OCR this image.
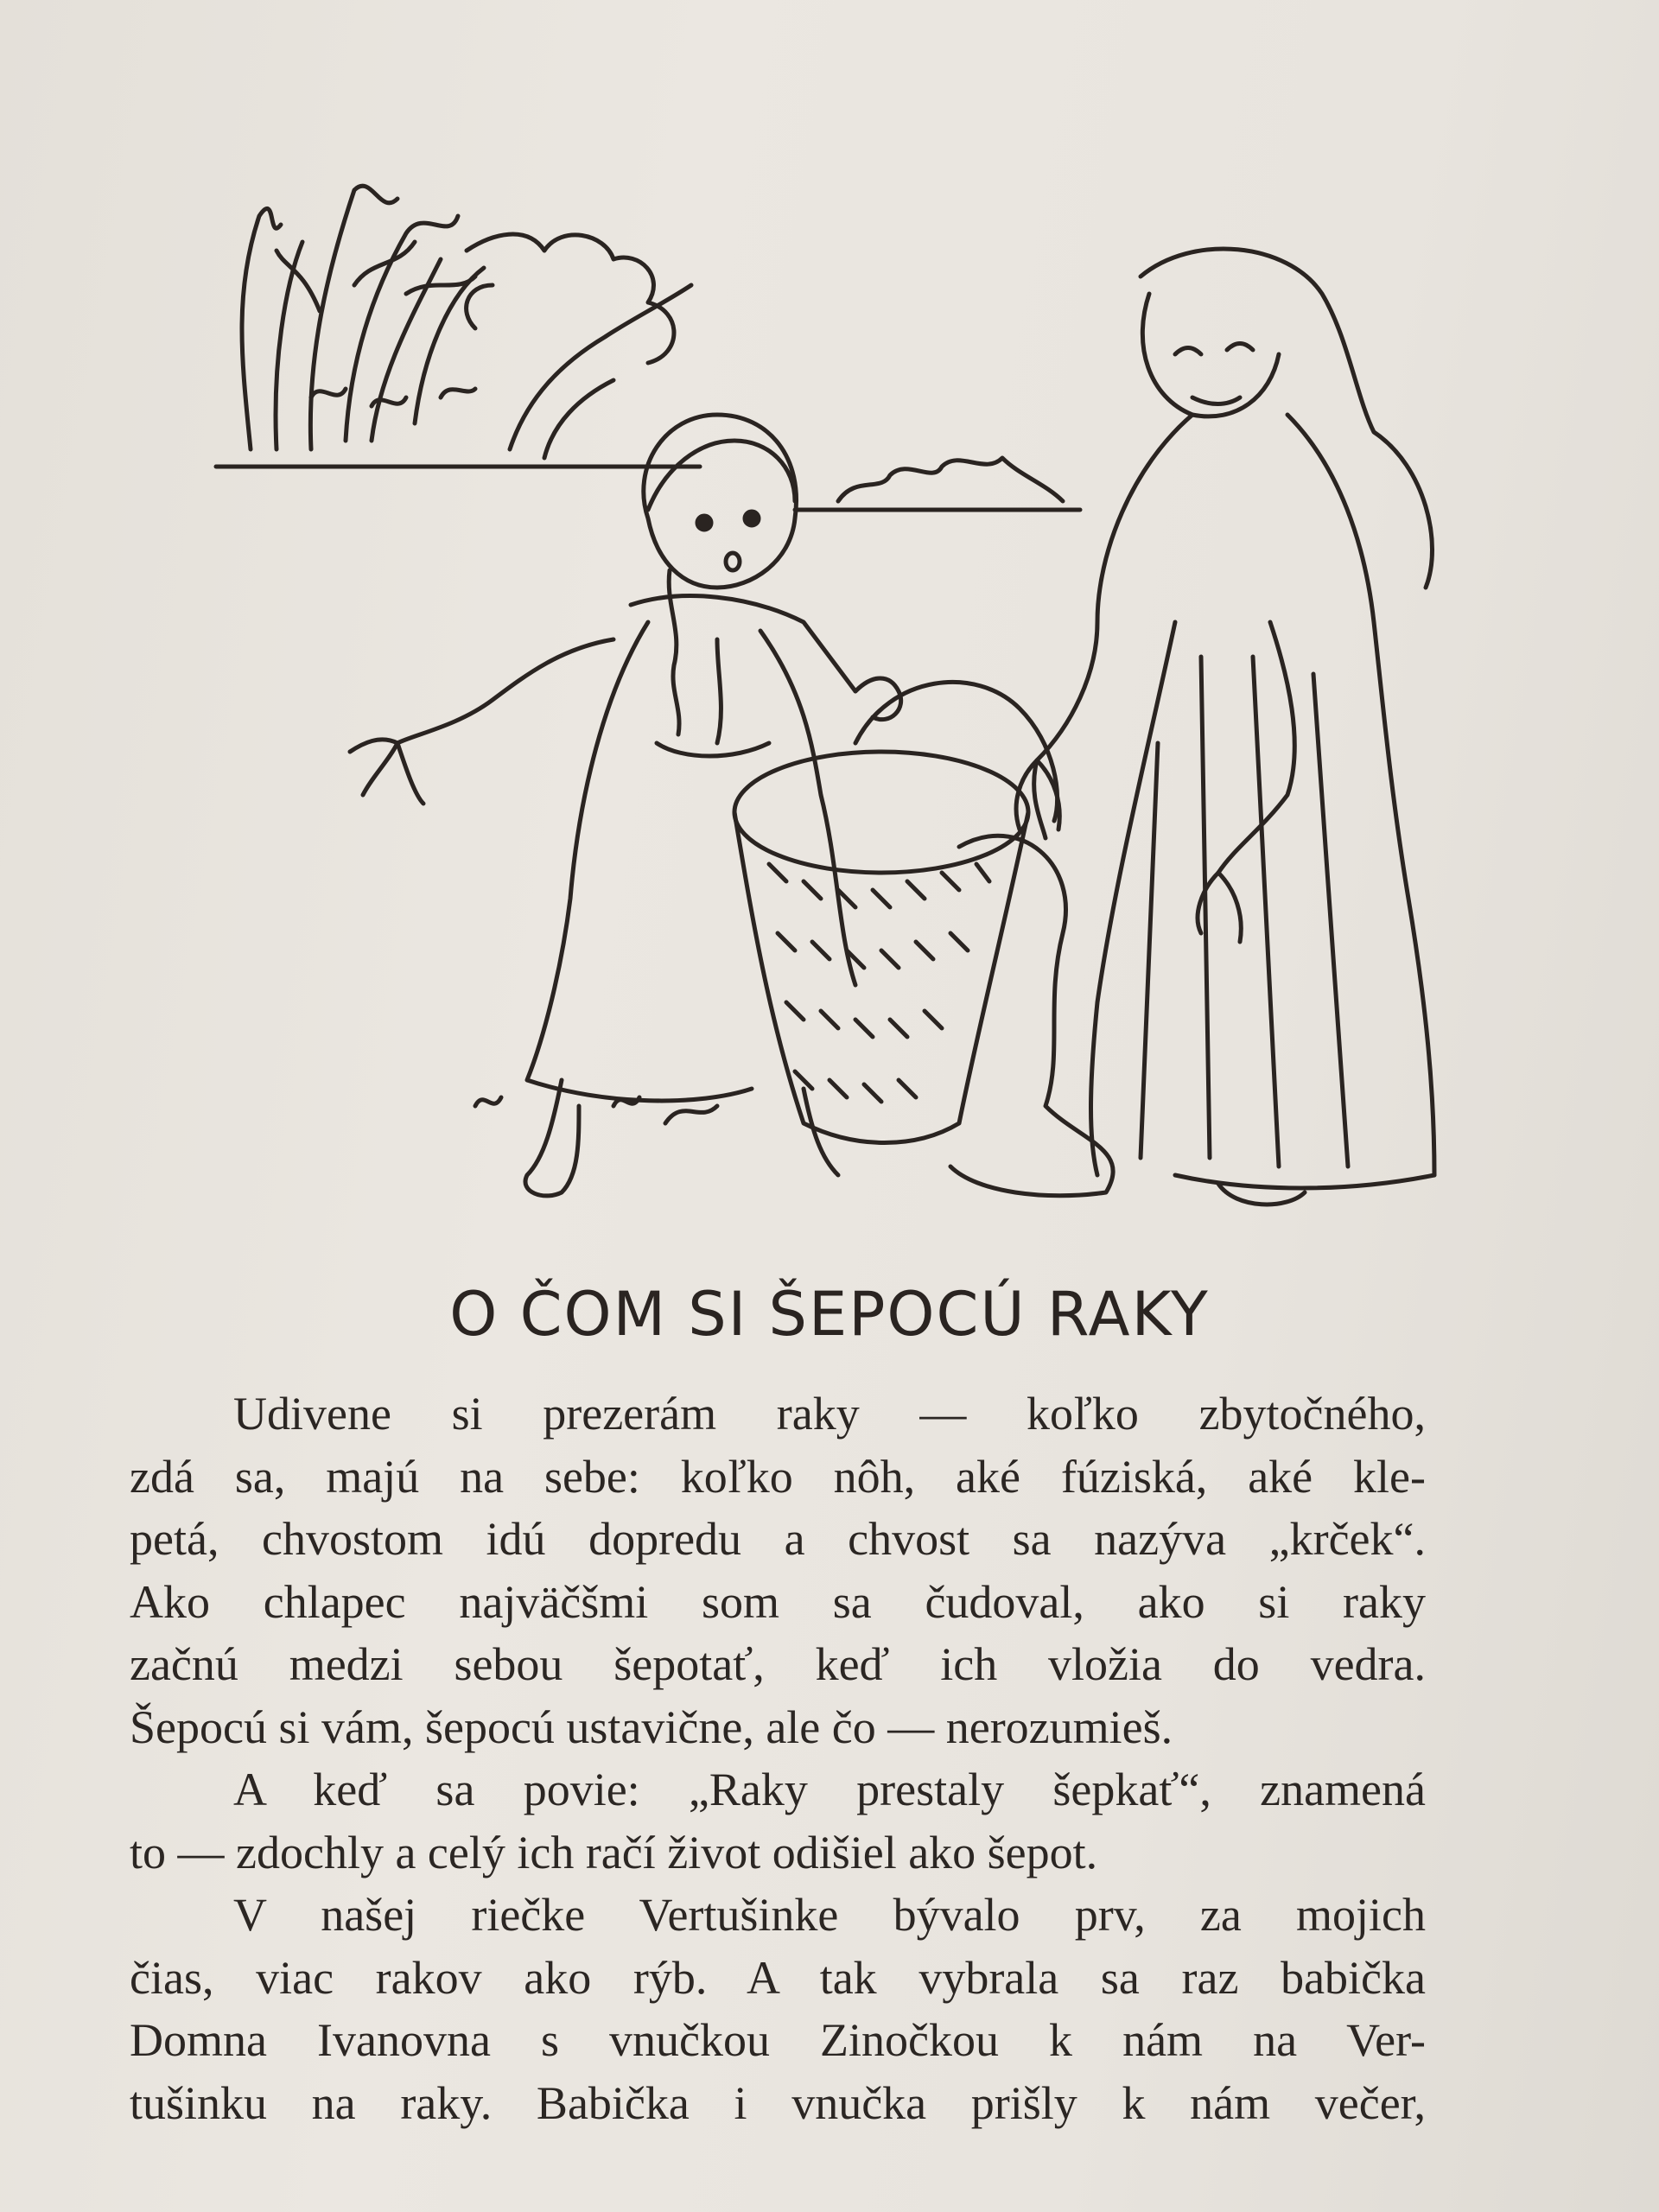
O ČOM SI ŠEPOCÚ RAKY
Udivene si prezerám raky — koľko zbytočného,
zdá sa, majú na sebe: koľko nôh, aké fúziská, aké kle-
petá, chvostom idú dopredu a chvost sa nazýva „krček“.
Ako chlapec najväčšmi som sa čudoval, ako si raky
začnú medzi sebou šepotať, keď ich vložia do vedra.
Šepocú si vám, šepocú ustavične, ale čo — nerozumieš.
A keď sa povie: „Raky prestaly šepkať“, znamená
to — zdochly a celý ich račí život odišiel ako šepot.
V našej riečke Vertušinke bývalo prv, za mojich
čias, viac rakov ako rýb. A tak vybrala sa raz babička
Domna Ivanovna s vnučkou Zinočkou k nám na Ver-
tušinku na raky. Babička i vnučka prišly k nám večer,
